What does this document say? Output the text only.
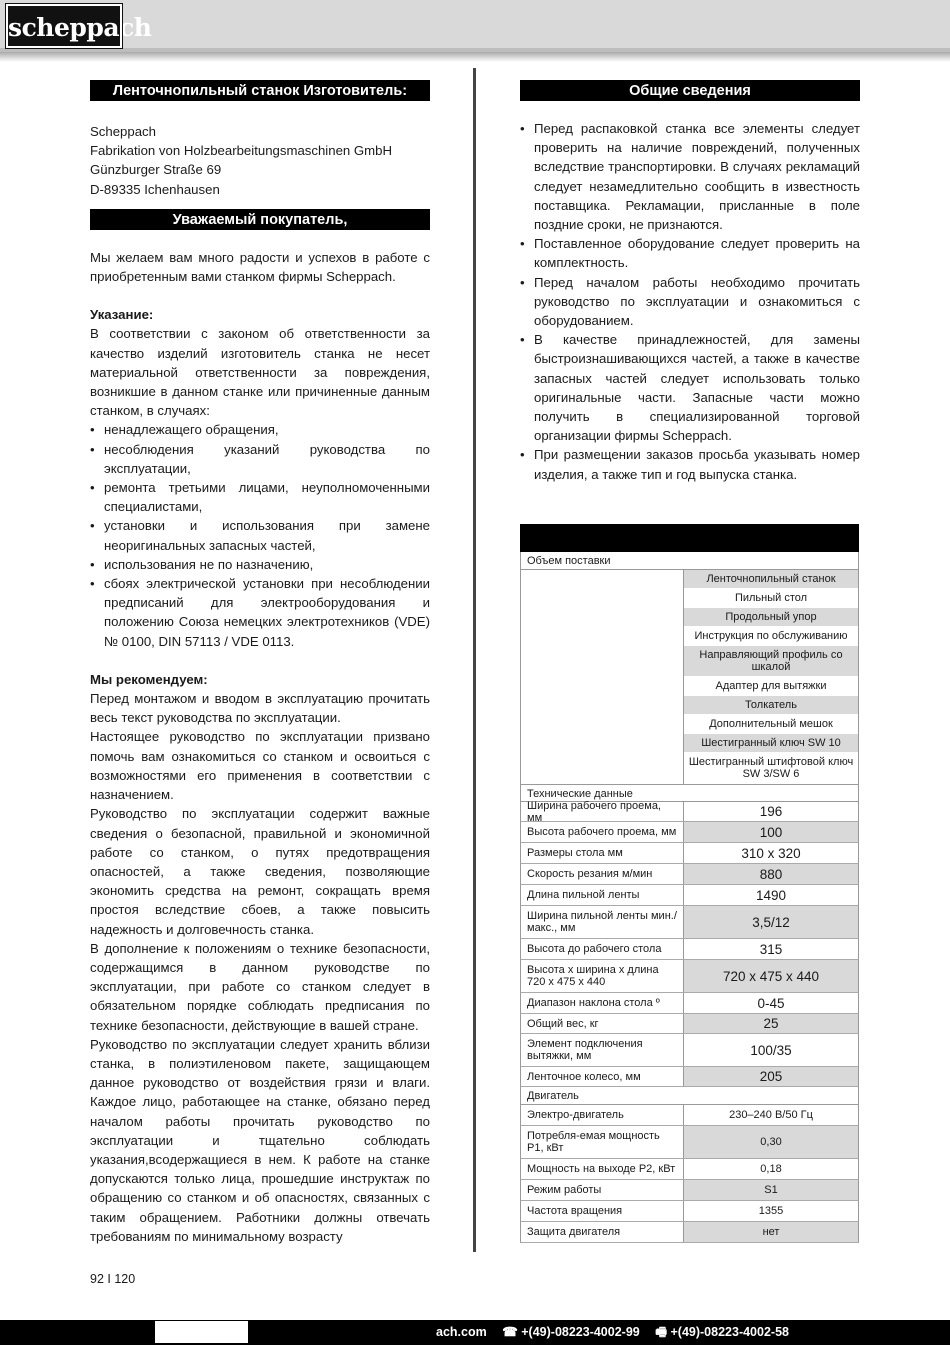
scheppach
Ленточнопильный станок Изготовитель:
Scheppach
Fabrikation von Holzbearbeitungsmaschinen GmbH
Günzburger Straße 69
D-89335 Ichenhausen
Уважаемый покупатель,

Мы желаем вам много радости и успехов в работе с приобретенным вами станком фирмы Scheppach.

Указание:

В соответствии с законом об ответственности за качество изделий изготовитель станка не несет материальной ответственности за повреждения, возникшие в данном станке или причиненные данным станком, в случаях:

• ненадлежащего обращения,
• несоблюдения указаний руководства по эксплуатации,
• ремонта третьими лицами, неуполномоченными специалистами,
• установки и использования при замене неоригинальных запасных частей,
• использования не по назначению,
• сбоях электрической установки при несоблюдении предписаний для электрооборудования и положению Союза немецких электротехников (VDE) № 0100, DIN 57113 / VDE 0113.
Мы рекомендуем:

Перед монтажом и вводом в эксплуатацию прочитать весь текст руководства по эксплуатации.

Настоящее руководство по эксплуатации призвано помочь вам ознакомиться со станком и освоиться с возможностями его применения в соответствии с назначением.

Руководство по эксплуатации содержит важные сведения о безопасной, правильной и экономичной работе со станком, о путях предотвращения опасностей, а также сведения, позволяющие экономить средства на ремонт, сокращать время простоя вследствие сбоев, а также повысить надежность и долговечность станка.

В дополнение к положениям о технике безопасности, содержащимся в данном руководстве по эксплуатации, при работе со станком следует в обязательном порядке соблюдать предписания по технике безопасности, действующие в вашей стране.

Руководство по эксплуатации следует хранить вблизи станка, в полиэтиленовом пакете, защищающем данное руководство от воздействия грязи и влаги. Каждое лицо, работающее на станке, обязано перед началом работы прочитать руководство по эксплуатации и тщательно соблюдать указания,всодержащиеся в нем. К работе на станке допускаются только лица, прошедшие инструктаж по обращению со станком и об опасностях, связанных с таким обращением. Работники должны отвечать требованиям по минимальному возрасту

Общие сведения
• Перед распаковкой станка все элементы следует проверить на наличие повреждений, полученных вследствие транспортировки. В случаях рекламаций следует незамедлительно сообщить в известность поставщика. Рекламации, присланные в поле поздние сроки, не признаются.
• Поставленное оборудование следует проверить на комплектность.
• Перед началом работы необходимо прочитать руководство по эксплуатации и ознакомиться с оборудованием.
• В качестве принадлежностей, для замены быстроизнашивающихся частей, а также в качестве запасных частей следует использовать только оригинальные части. Запасные части можно получить в специализированной торговой организации фирмы Scheppach.
• При размещении заказов просьба указывать номер изделия, а также тип и год выпуска станка.
Объем поставки
Ленточнопильный станок
Пильный стол
Продольный упор
Инструкция по обслуживанию
Направляющий профиль со шкалой
Адаптер для вытяжки
Толкатель
Дополнительный мешок
Шестигранный ключ SW 10
Шестигранный штифтовой ключ SW 3/SW 6
Технические данные
Ширина рабочего проема, мм	196
Высота рабочего проема, мм	100
Размеры стола мм	310 x 320
Скорость резания м/мин	880
Длина пильной ленты	1490
Ширина пильной ленты мин./макс., мм	3,5/12
Высота до рабочего стола	315
Высота x ширина x длина 720 x 475 x 440	720 x 475 x 440
Диапазон наклона стола º	0-45
Общий вес, кг	25
Элемент подключения вытяжки, мм	100/35
Ленточное колесо, мм	205
Двигатель
Электро-двигатель	230–240 В/50 Гц
Потребля-емая мощность P1, кВт	0,30
Мощность на выходе P2, кВт	0,18
Режим работы	S1
Частота вращения	1355
Защита двигателя	нет
92 I 120
ach.com ☎ +(49)-08223-4002-99 🖷 +(49)-08223-4002-58
